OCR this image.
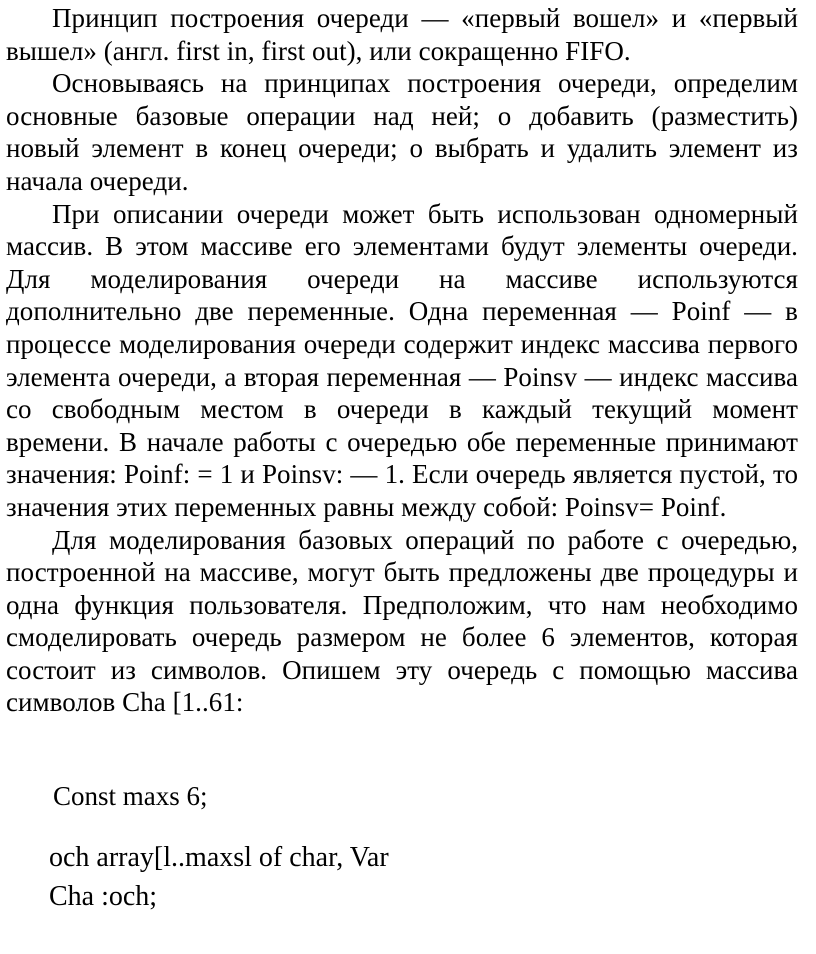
Принцип построения очереди — «первый вошел» и «первый вышел» (англ. first in, first out), или сокращенно FIFO.

Основываясь на принципах построения очереди, определим основные базовые операции над ней; о добавить (разместить) новый элемент в конец очереди; о выбрать и удалить элемент из начала очереди.

При описании очереди может быть использован одномерный массив. В этом массиве его элементами будут элементы очереди. Для моделирования очереди на массиве используются дополнительно две переменные. Одна переменная — Poinf — в процессе моделирования очереди содержит индекс массива первого элемента очереди, а вторая переменная — Poinsv — индекс массива со свободным местом в очереди в каждый текущий момент времени. В начале работы с очередью обе переменные принимают значения: Poinf: = 1 и Poinsv: — 1. Если очередь является пустой, то значения этих переменных равны между собой: Poinsv= Poinf.

Для моделирования базовых операций по работе с очередью, построенной на массиве, могут быть предложены две процедуры и одна функция пользователя. Предположим, что нам необходимо смоделировать очередь размером не более 6 элементов, которая состоит из символов. Опишем эту очередь с помощью массива символов Cha [1..61:

Const maxs 6;
och array[l..maxsl of char, Var
Cha :och;
